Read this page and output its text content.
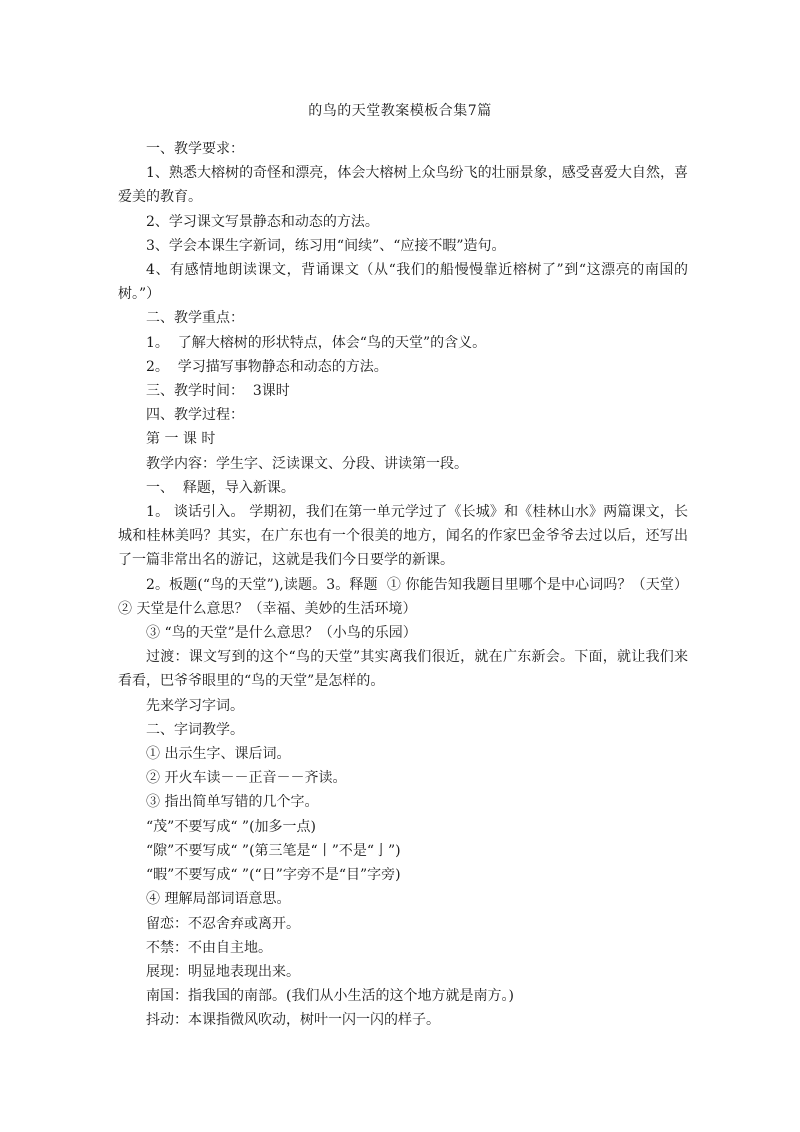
的鸟的天堂教案模板合集7篇

一、教学要求：

1、熟悉大榕树的奇怪和漂亮，体会大榕树上众鸟纷飞的壮丽景象，感受喜爱大自然，喜爱美的教育。

2、学习课文写景静态和动态的方法。

3、学会本课生字新词，练习用“间续”、“应接不暇”造句。

4、有感情地朗读课文，背诵课文（从“我们的船慢慢靠近榕树了”到“这漂亮的南国的树。”）

二、教学重点：

1。  了解大榕树的形状特点，体会“鸟的天堂”的含义。

2。  学习描写事物静态和动态的方法。

三、教学时间：  3课时

四、教学过程：

第 一 课 时

教学内容：学生字、泛读课文、分段、讲读第一段。

一、  释题，导入新课。

1。 谈话引入。 学期初，我们在第一单元学过了《长城》和《桂林山水》两篇课文，长城和桂林美吗？其实，在广东也有一个很美的地方，闻名的作家巴金爷爷去过以后，还写出了一篇非常出名的游记，这就是我们今日要学的新课。

2。板题(“鸟的天堂”),读题。3。释题  ① 你能告知我题目里哪个是中心词吗？（天堂） ② 天堂是什么意思？（幸福、美妙的生活环境）

③ “鸟的天堂”是什么意思？（小鸟的乐园）

过渡：课文写到的这个“鸟的天堂”其实离我们很近，就在广东新会。下面，就让我们来看看，巴爷爷眼里的“鸟的天堂”是怎样的。

先来学习字词。

二、字词教学。

① 出示生字、课后词。

② 开火车读－－正音－－齐读。

③ 指出简单写错的几个字。

“茂”不要写成“ ”(加多一点)

“隙”不要写成“ ”(第三笔是“丨”不是“亅”)

“暇”不要写成“ ”(“日”字旁不是“目”字旁)

④ 理解局部词语意思。

留恋：不忍舍弃或离开。

不禁：不由自主地。

展现：明显地表现出来。

南国：指我国的南部。(我们从小生活的这个地方就是南方。)

抖动：本课指微风吹动，树叶一闪一闪的样子。
